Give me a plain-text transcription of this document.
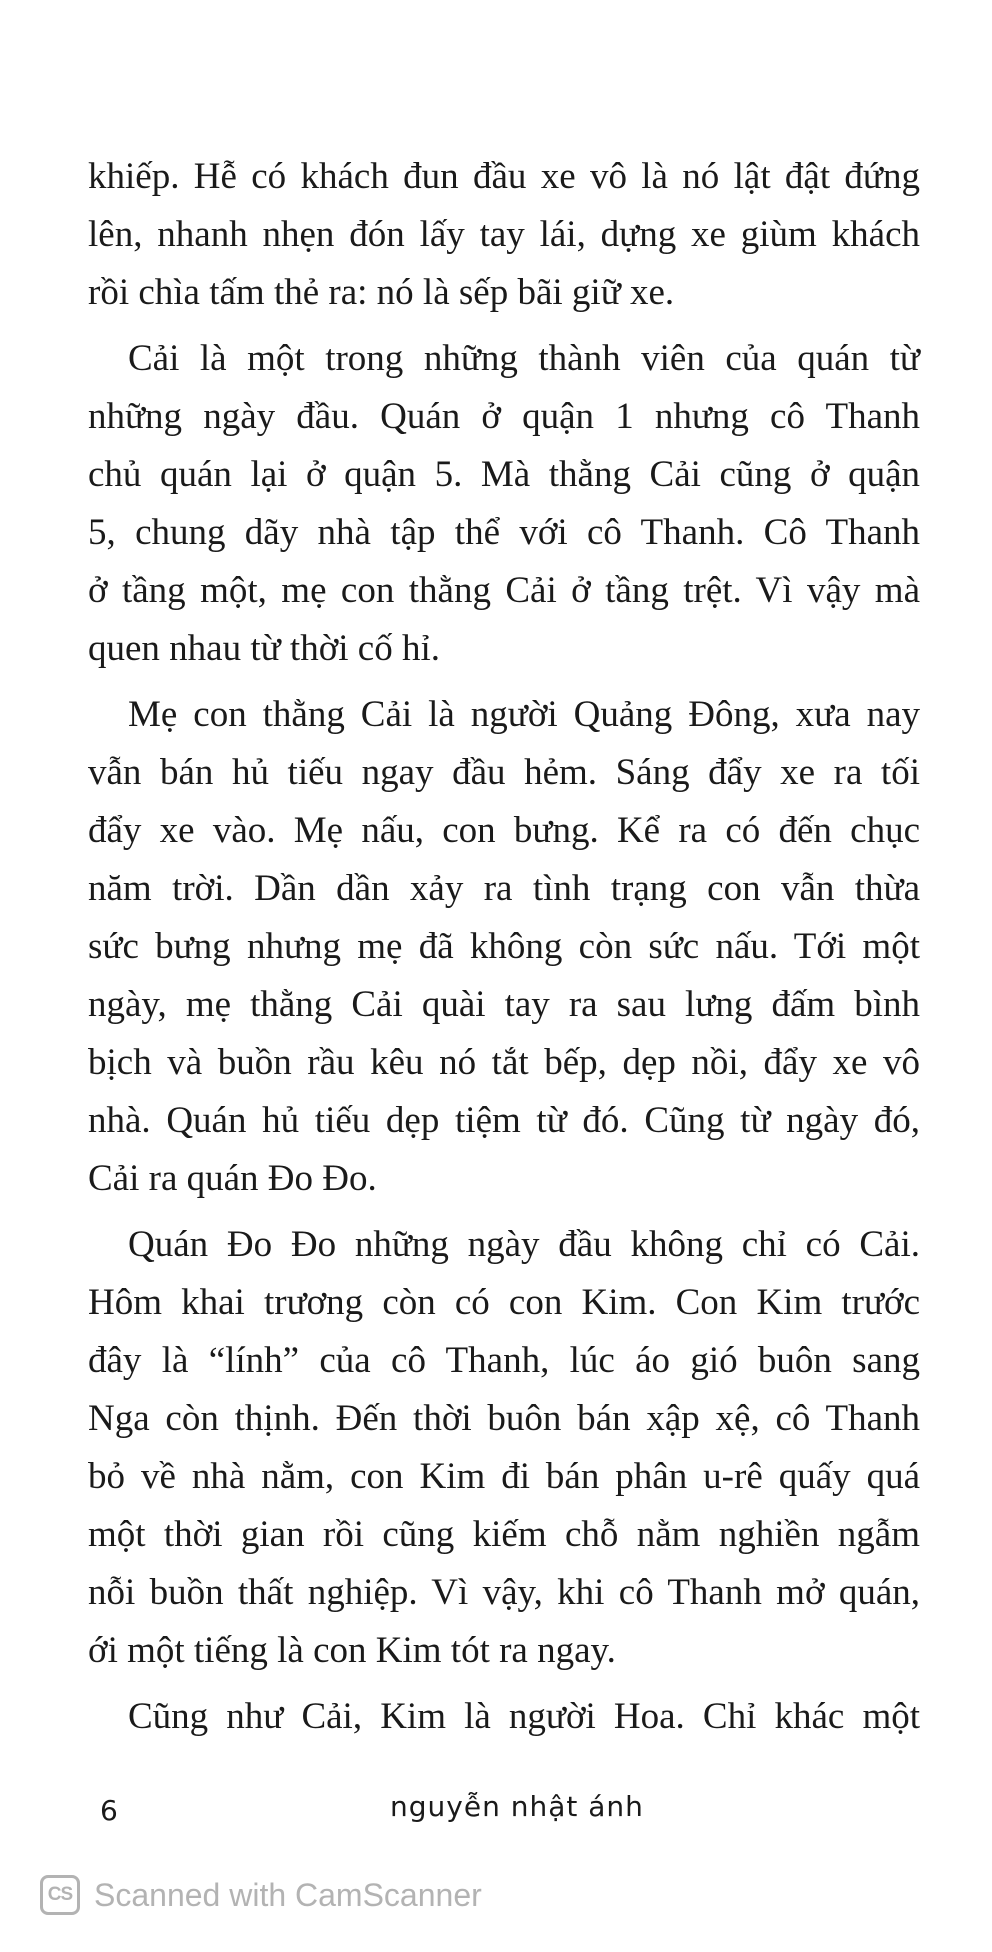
khiếp. Hễ có khách đun đầu xe vô là nó lật đật đứng
lên, nhanh nhẹn đón lấy tay lái, dựng xe giùm khách
rồi chìa tấm thẻ ra: nó là sếp bãi giữ xe.
Cải là một trong những thành viên của quán từ
những ngày đầu. Quán ở quận 1 nhưng cô Thanh
chủ quán lại ở quận 5. Mà thằng Cải cũng ở quận
5, chung dãy nhà tập thể với cô Thanh. Cô Thanh
ở tầng một, mẹ con thằng Cải ở tầng trệt. Vì vậy mà
quen nhau từ thời cố hỉ.
Mẹ con thằng Cải là người Quảng Đông, xưa nay
vẫn bán hủ tiếu ngay đầu hẻm. Sáng đẩy xe ra tối
đẩy xe vào. Mẹ nấu, con bưng. Kể ra có đến chục
năm trời. Dần dần xảy ra tình trạng con vẫn thừa
sức bưng nhưng mẹ đã không còn sức nấu. Tới một
ngày, mẹ thằng Cải quài tay ra sau lưng đấm bình
bịch và buồn rầu kêu nó tắt bếp, dẹp nồi, đẩy xe vô
nhà. Quán hủ tiếu dẹp tiệm từ đó. Cũng từ ngày đó,
Cải ra quán Đo Đo.
Quán Đo Đo những ngày đầu không chỉ có Cải.
Hôm khai trương còn có con Kim. Con Kim trước
đây là “lính” của cô Thanh, lúc áo gió buôn sang
Nga còn thịnh. Đến thời buôn bán xập xệ, cô Thanh
bỏ về nhà nằm, con Kim đi bán phân u-rê quấy quá
một thời gian rồi cũng kiếm chỗ nằm nghiền ngẫm
nỗi buồn thất nghiệp. Vì vậy, khi cô Thanh mở quán,
ới một tiếng là con Kim tót ra ngay.
Cũng như Cải, Kim là người Hoa. Chỉ khác một
6	nguyễn nhật ánh
CS Scanned with CamScanner
